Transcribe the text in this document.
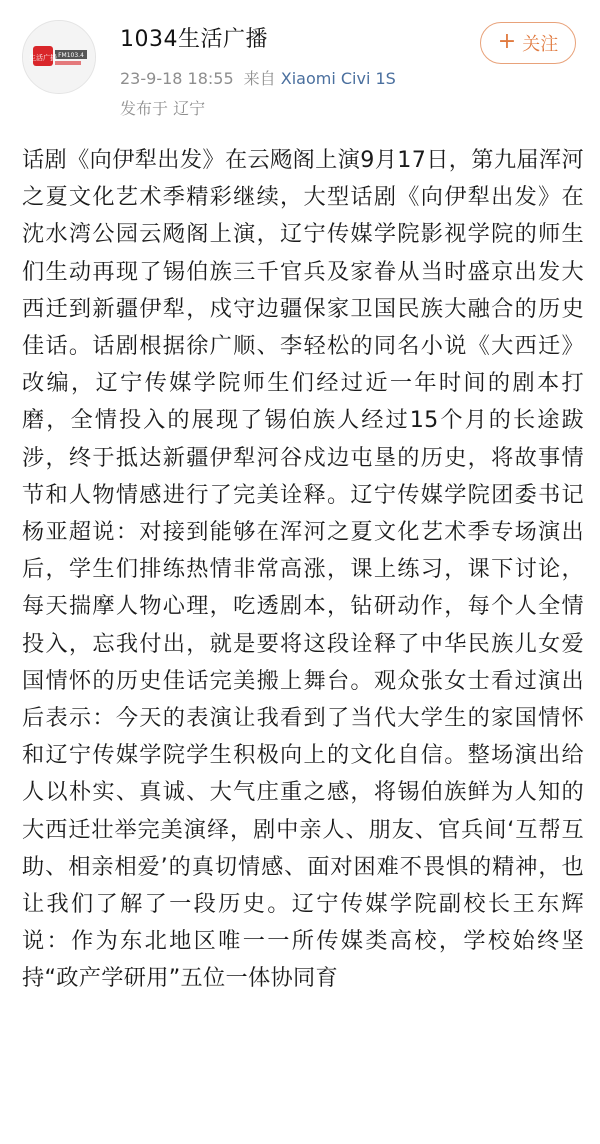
生活广播 FM103.4
1034生活广播
23-9-18 18:55 来自 Xiaomi Civi 1S
发布于 辽宁
+ 关注
话剧《向伊犁出发》在云飏阁上演9月17日，第九届浑河之夏文化艺术季精彩继续，大型话剧《向伊犁出发》在沈水湾公园云飏阁上演，辽宁传媒学院影视学院的师生们生动再现了锡伯族三千官兵及家眷从当时盛京出发大西迁到新疆伊犁，戍守边疆保家卫国民族大融合的历史佳话。话剧根据徐广顺、李轻松的同名小说《大西迁》改编，辽宁传媒学院师生们经过近一年时间的剧本打磨，全情投入的展现了锡伯族人经过15个月的长途跋涉，终于抵达新疆伊犁河谷戍边屯垦的历史，将故事情节和人物情感进行了完美诠释。辽宁传媒学院团委书记杨亚超说：对接到能够在浑河之夏文化艺术季专场演出后，学生们排练热情非常高涨，课上练习，课下讨论，每天揣摩人物心理，吃透剧本，钻研动作，每个人全情投入，忘我付出，就是要将这段诠释了中华民族儿女爱国情怀的历史佳话完美搬上舞台。观众张女士看过演出后表示：今天的表演让我看到了当代大学生的家国情怀和辽宁传媒学院学生积极向上的文化自信。整场演出给人以朴实、真诚、大气庄重之感，将锡伯族鲜为人知的大西迁壮举完美演绎，剧中亲人、朋友、官兵间‘互帮互助、相亲相爱’的真切情感、面对困难不畏惧的精神，也让我们了解了一段历史。辽宁传媒学院副校长王东辉说：作为东北地区唯一一所传媒类高校，学校始终坚持“政产学研用”五位一体协同育
